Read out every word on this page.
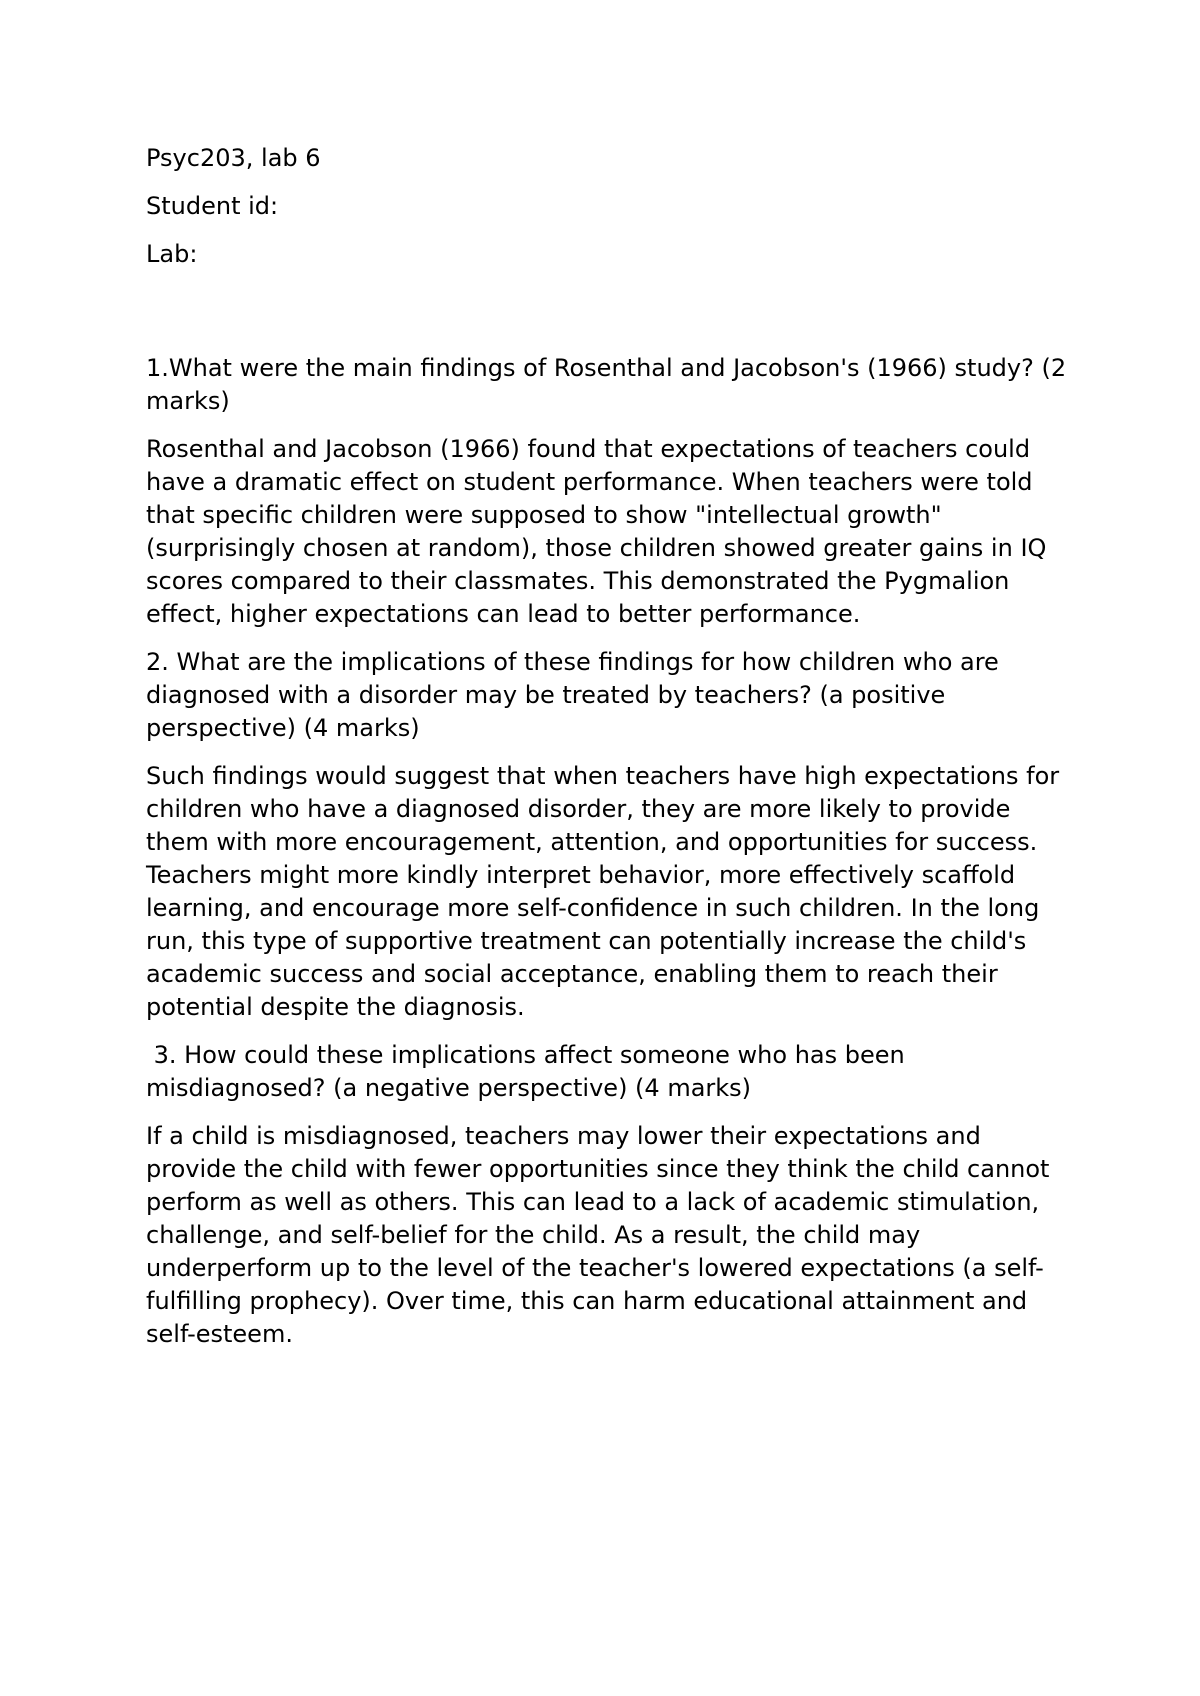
Psyc203, lab 6
Student id:
Lab:
1.What were the main findings of Rosenthal and Jacobson's (1966) study? (2 marks)
Rosenthal and Jacobson (1966) found that expectations of teachers could have a dramatic effect on student performance. When teachers were told that specific children were supposed to show "intellectual growth" (surprisingly chosen at random), those children showed greater gains in IQ scores compared to their classmates. This demonstrated the Pygmalion effect, higher expectations can lead to better performance.
2. What are the implications of these findings for how children who are diagnosed with a disorder may be treated by teachers? (a positive perspective) (4 marks)
Such findings would suggest that when teachers have high expectations for children who have a diagnosed disorder, they are more likely to provide them with more encouragement, attention, and opportunities for success. Teachers might more kindly interpret behavior, more effectively scaffold learning, and encourage more self-confidence in such children. In the long run, this type of supportive treatment can potentially increase the child's academic success and social acceptance, enabling them to reach their potential despite the diagnosis.
3. How could these implications affect someone who has been misdiagnosed? (a negative perspective) (4 marks)
If a child is misdiagnosed, teachers may lower their expectations and provide the child with fewer opportunities since they think the child cannot perform as well as others. This can lead to a lack of academic stimulation, challenge, and self-belief for the child. As a result, the child may underperform up to the level of the teacher's lowered expectations (a self-fulfilling prophecy). Over time, this can harm educational attainment and self-esteem.
